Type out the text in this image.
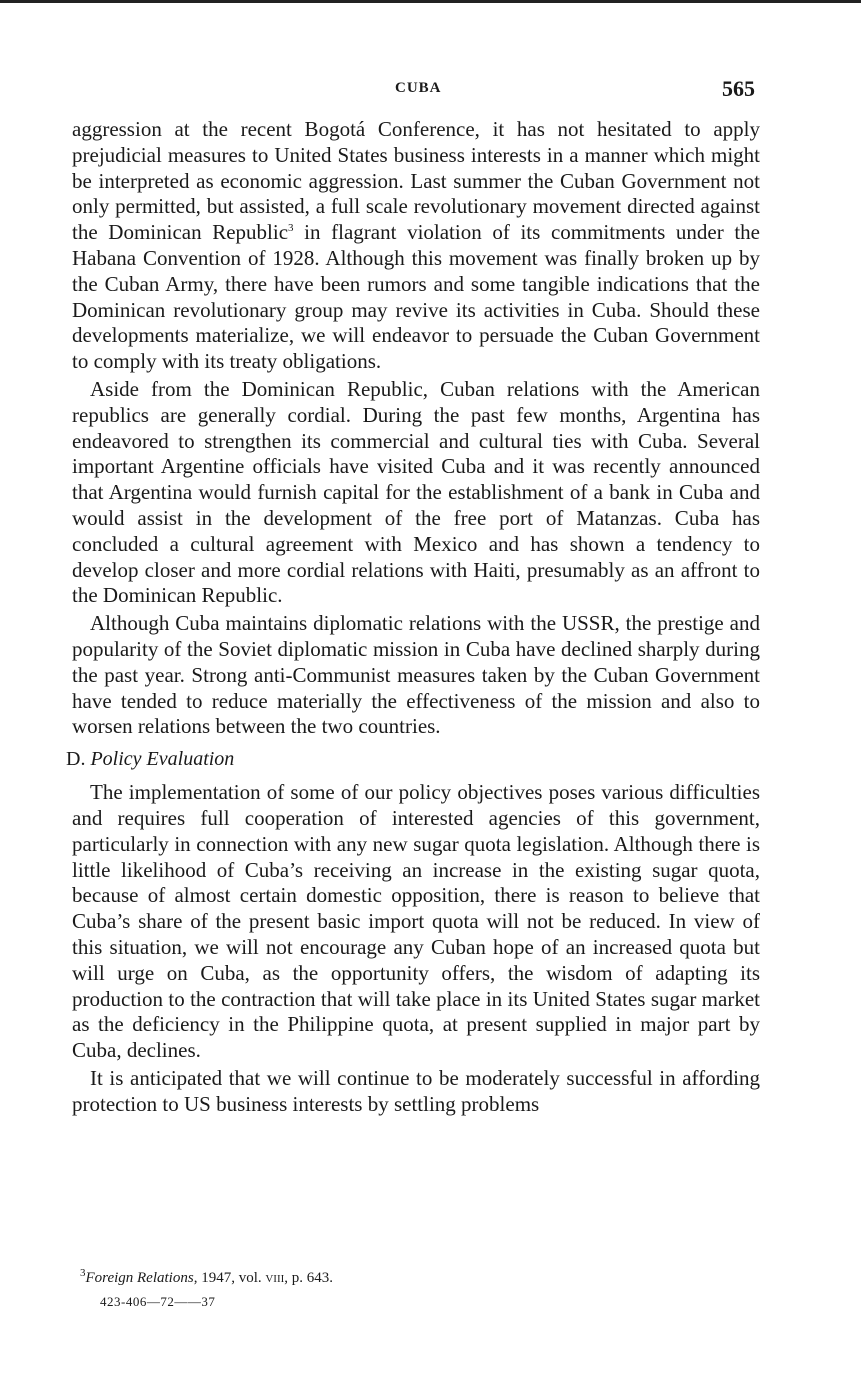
CUBA	565

aggression at the recent Bogotá Conference, it has not hesitated to apply prejudicial measures to United States business interests in a manner which might be interpreted as economic aggression. Last summer the Cuban Government not only permitted, but assisted, a full scale revolutionary movement directed against the Dominican Republic$^3$ in flagrant violation of its commitments under the Habana Convention of 1928. Although this movement was finally broken up by the Cuban Army, there have been rumors and some tangible indications that the Dominican revolutionary group may revive its activities in Cuba. Should these developments materialize, we will endeavor to persuade the Cuban Government to comply with its treaty obligations.

Aside from the Dominican Republic, Cuban relations with the American republics are generally cordial. During the past few months, Argentina has endeavored to strengthen its commercial and cultural ties with Cuba. Several important Argentine officials have visited Cuba and it was recently announced that Argentina would furnish capital for the establishment of a bank in Cuba and would assist in the development of the free port of Matanzas. Cuba has concluded a cultural agreement with Mexico and has shown a tendency to develop closer and more cordial relations with Haiti, presumably as an affront to the Dominican Republic.

Although Cuba maintains diplomatic relations with the USSR, the prestige and popularity of the Soviet diplomatic mission in Cuba have declined sharply during the past year. Strong anti-Communist measures taken by the Cuban Government have tended to reduce materially the effectiveness of the mission and also to worsen relations between the two countries.

D. Policy Evaluation

The implementation of some of our policy objectives poses various difficulties and requires full cooperation of interested agencies of this government, particularly in connection with any new sugar quota legislation. Although there is little likelihood of Cuba’s receiving an increase in the existing sugar quota, because of almost certain domestic opposition, there is reason to believe that Cuba’s share of the present basic import quota will not be reduced. In view of this situation, we will not encourage any Cuban hope of an increased quota but will urge on Cuba, as the opportunity offers, the wisdom of adapting its production to the contraction that will take place in its United States sugar market as the deficiency in the Philippine quota, at present supplied in major part by Cuba, declines.

It is anticipated that we will continue to be moderately successful in affording protection to US business interests by settling problems

$^3$Foreign Relations, 1947, vol. viii, p. 643.

423-406—72——37
